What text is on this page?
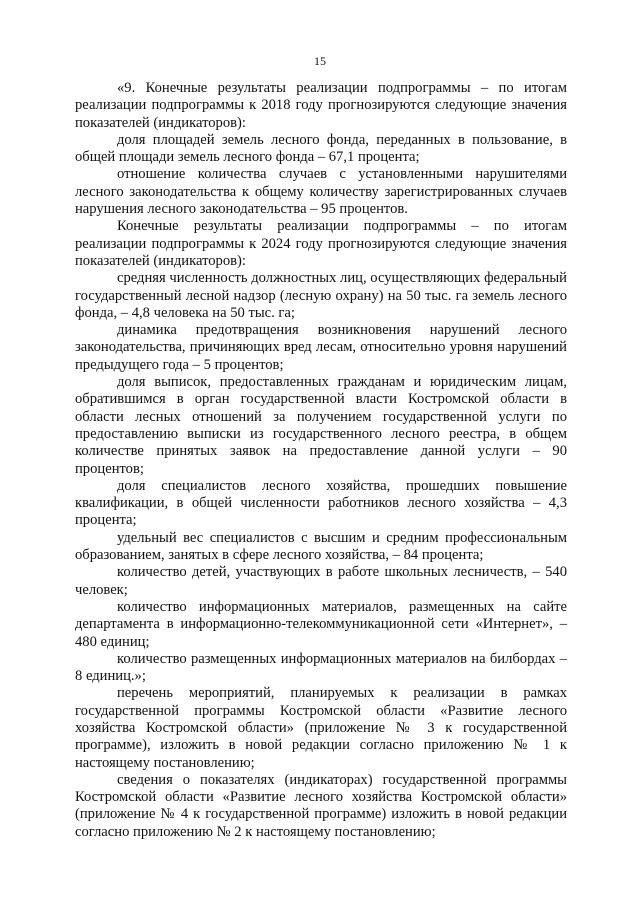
15

«9. Конечные результаты реализации подпрограммы – по итогам реализации подпрограммы к 2018 году прогнозируются следующие значения показателей (индикаторов):

доля площадей земель лесного фонда, переданных в пользование, в общей площади земель лесного фонда – 67,1 процента;

отношение количества случаев с установленными нарушителями лесного законодательства к общему количеству зарегистрированных случаев нарушения лесного законодательства – 95 процентов.

Конечные результаты реализации подпрограммы – по итогам реализации подпрограммы к 2024 году прогнозируются следующие значения показателей (индикаторов):

средняя численность должностных лиц, осуществляющих федеральный государственный лесной надзор (лесную охрану) на 50 тыс. га земель лесного фонда, – 4,8 человека на 50 тыс. га;

динамика предотвращения возникновения нарушений лесного законодательства, причиняющих вред лесам, относительно уровня нарушений предыдущего года – 5 процентов;

доля выписок, предоставленных гражданам и юридическим лицам, обратившимся в орган государственной власти Костромской области в области лесных отношений за получением государственной услуги по предоставлению выписки из государственного лесного реестра, в общем количестве принятых заявок на предоставление данной услуги – 90 процентов;

доля специалистов лесного хозяйства, прошедших повышение квалификации, в общей численности работников лесного хозяйства – 4,3 процента;

удельный вес специалистов с высшим и средним профессиональным образованием, занятых в сфере лесного хозяйства, – 84 процента;

количество детей, участвующих в работе школьных лесничеств, – 540 человек;

количество информационных материалов, размещенных на сайте департамента в информационно-телекоммуникационной сети «Интернет», – 480 единиц;

количество размещенных информационных материалов на билбордах – 8 единиц.»;

перечень мероприятий, планируемых к реализации в рамках государственной программы Костромской области «Развитие лесного хозяйства Костромской области» (приложение № 3 к государственной программе), изложить в новой редакции согласно приложению № 1 к настоящему постановлению;

сведения о показателях (индикаторах) государственной программы Костромской области «Развитие лесного хозяйства Костромской области» (приложение № 4 к государственной программе) изложить в новой редакции согласно приложению № 2 к настоящему постановлению;
